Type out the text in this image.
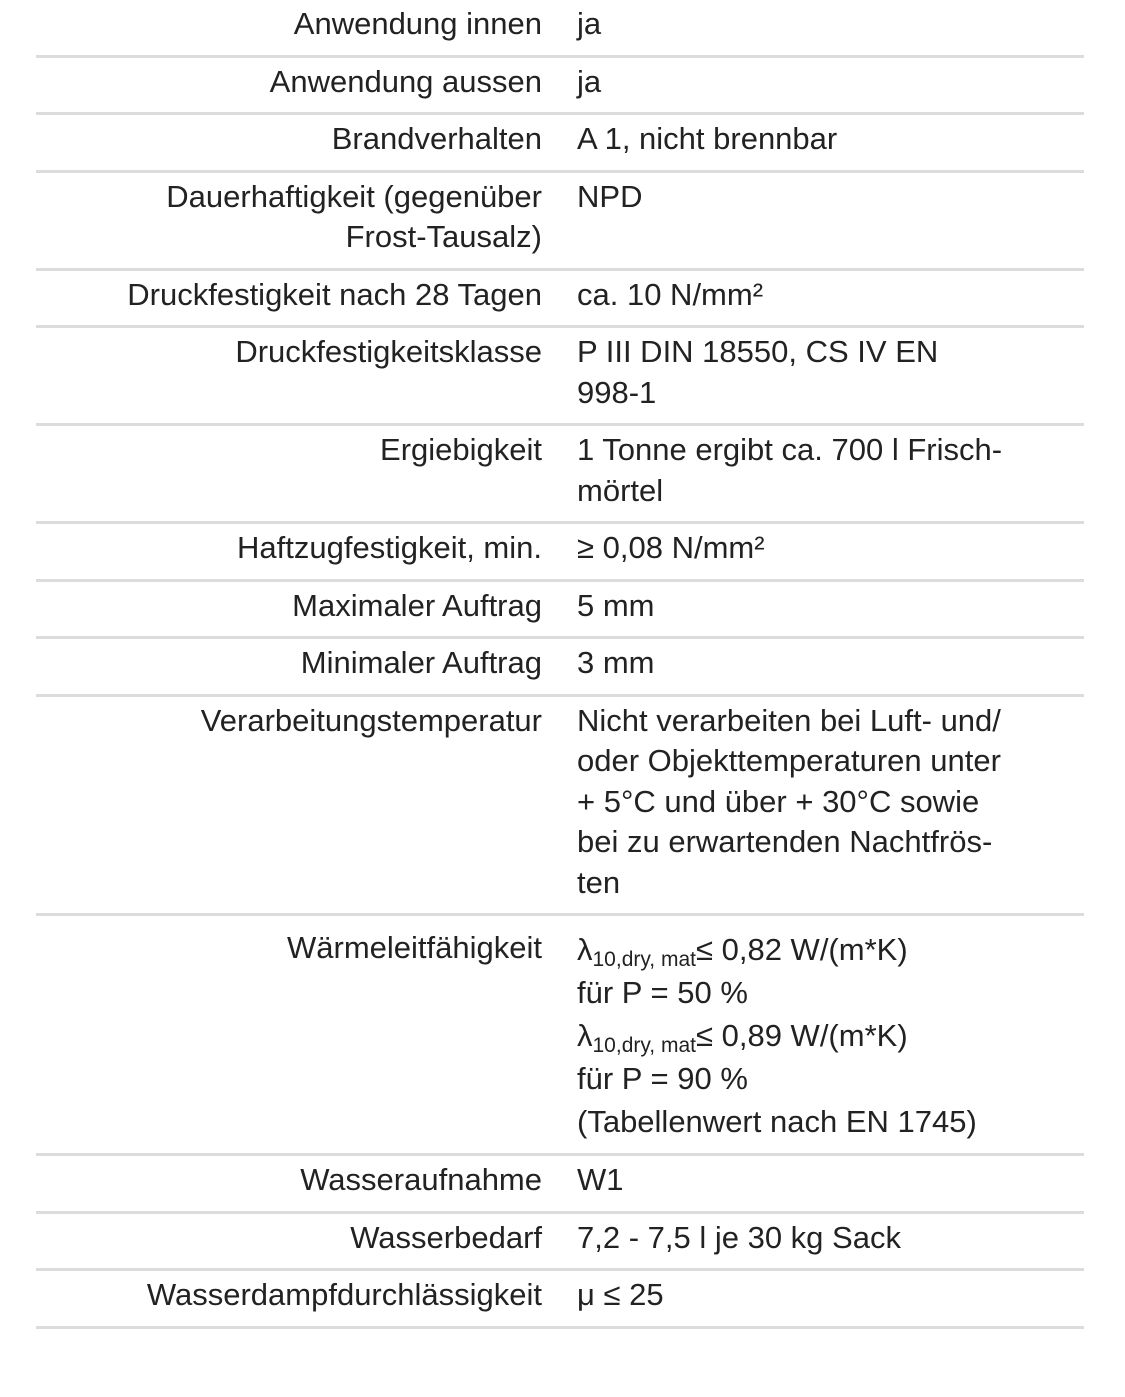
Anwendung innen ja
Anwendung aussen ja
Brandverhalten A 1, nicht brennbar
Dauerhaftigkeit (gegenüber
Frost-Tausalz)
NPD
Druckfestigkeit nach 28 Tagen ca. 10 N/mm²
Druckfestigkeitsklasse P III DIN 18550, CS IV EN
998-1
Ergiebigkeit 1 Tonne ergibt ca. 700 l Frisch-
mörtel
Haftzugfestigkeit, min. ≥ 0,08 N/mm²
Maximaler Auftrag 5 mm
Minimaler Auftrag 3 mm
Verarbeitungstemperatur Nicht verarbeiten bei Luft- und/
oder Objekttemperaturen unter
+ 5°C und über + 30°C sowie
bei zu erwartenden Nachtfrös-
ten
Wärmeleitfähigkeit $\lambda_{10,dry, mat}\le 0,82$ W/(m*K)
für P = 50 %
$\lambda_{10,dry, mat}\le 0,89$ W/(m*K)
für P = 90 %
(Tabellenwert nach EN 1745)
Wasseraufnahme W1
Wasserbedarf 7,2 - 7,5 l je 30 kg Sack
Wasserdampfdurchlässigkeit μ ≤ 25
